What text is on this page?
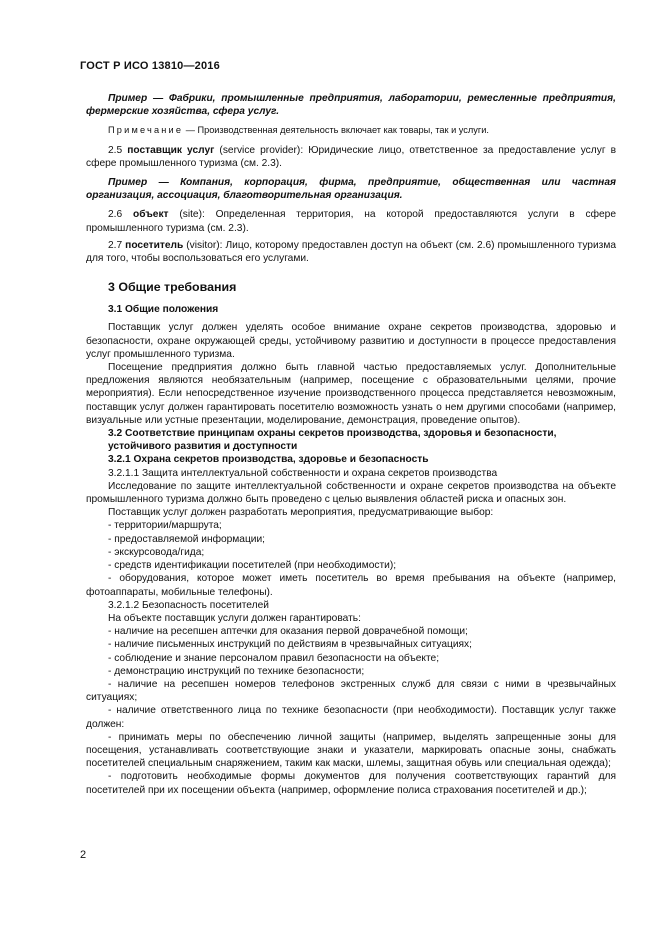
ГОСТ Р ИСО 13810—2016

Пример — Фабрики, промышленные предприятия, лаборатории, ремесленные предприятия, фермерские хозяйства, сфера услуг.

Примечание — Производственная деятельность включает как товары, так и услуги.

2.5 поставщик услуг (service provider): Юридические лицо, ответственное за предоставление услуг в сфере промышленного туризма (см. 2.3).

Пример — Компания, корпорация, фирма, предприятие, общественная или частная организация, ассоциация, благотворительная организация.

2.6 объект (site): Определенная территория, на которой предоставляются услуги в сфере промышленного туризма (см. 2.3).

2.7 посетитель (visitor): Лицо, которому предоставлен доступ на объект (см. 2.6) промышленного туризма для того, чтобы воспользоваться его услугами.

3 Общие требования

3.1 Общие положения

Поставщик услуг должен уделять особое внимание охране секретов производства, здоровью и безопасности, охране окружающей среды, устойчивому развитию и доступности в процессе предоставления услуг промышленного туризма.

Посещение предприятия должно быть главной частью предоставляемых услуг. Дополнительные предложения являются необязательным (например, посещение с образовательными целями, прочие мероприятия). Если непосредственное изучение производственного процесса представляется невозможным, поставщик услуг должен гарантировать посетителю возможность узнать о нем другими способами (например, визуальные или устные презентации, моделирование, демонстрация, проведение опытов).

3.2 Соответствие принципам охраны секретов производства, здоровья и безопасности, устойчивого развития и доступности

3.2.1 Охрана секретов производства, здоровье и безопасность

3.2.1.1 Защита интеллектуальной собственности и охрана секретов производства

Исследование по защите интеллектуальной собственности и охране секретов производства на объекте промышленного туризма должно быть проведено с целью выявления областей риска и опасных зон.

Поставщик услуг должен разработать мероприятия, предусматривающие выбор:

- территории/маршрута;

- предоставляемой информации;

- экскурсовода/гида;

- средств идентификации посетителей (при необходимости);

- оборудования, которое может иметь посетитель во время пребывания на объекте (например, фотоаппараты, мобильные телефоны).

3.2.1.2 Безопасность посетителей

На объекте поставщик услуги должен гарантировать:

- наличие на ресепшен аптечки для оказания первой доврачебной помощи;

- наличие письменных инструкций по действиям в чрезвычайных ситуациях;

- соблюдение и знание персоналом правил безопасности на объекте;

- демонстрацию инструкций по технике безопасности;

- наличие на ресепшен номеров телефонов экстренных служб для связи с ними в чрезвычайных ситуациях;

- наличие ответственного лица по технике безопасности (при необходимости). Поставщик услуг также должен:

- принимать меры по обеспечению личной защиты (например, выделять запрещенные зоны для посещения, устанавливать соответствующие знаки и указатели, маркировать опасные зоны, снабжать посетителей специальным снаряжением, таким как маски, шлемы, защитная обувь или специальная одежда);

- подготовить необходимые формы документов для получения соответствующих гарантий для посетителей при их посещении объекта (например, оформление полиса страхования посетителей и др.);

2
